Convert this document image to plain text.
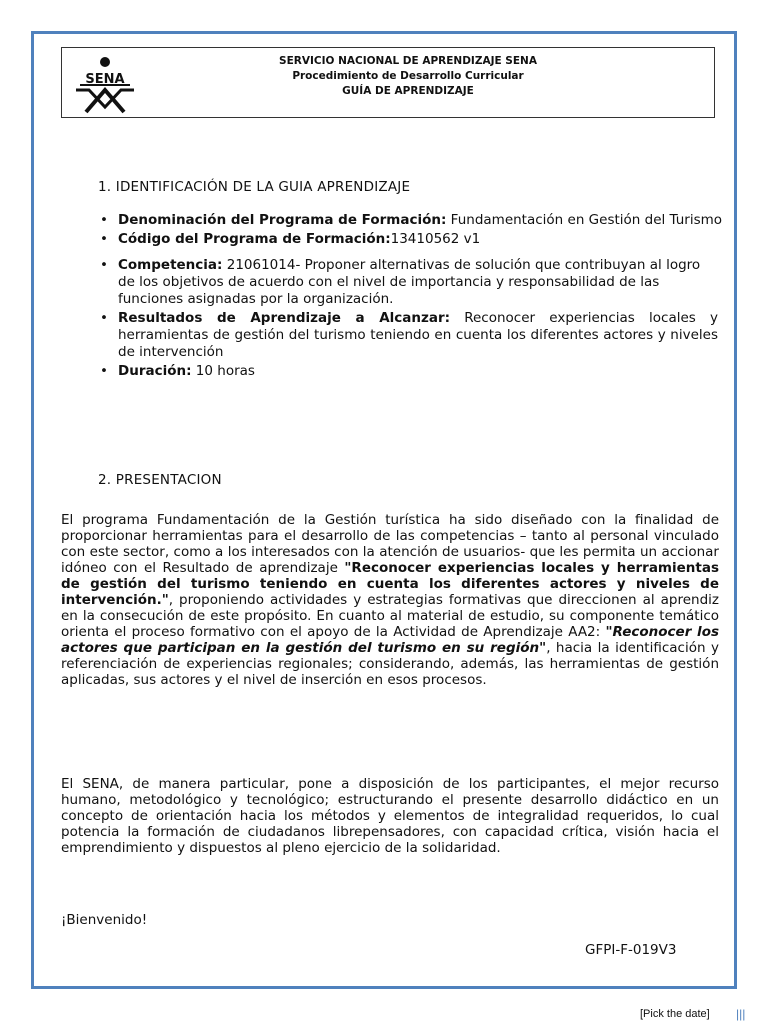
SENA
SERVICIO NACIONAL DE APRENDIZAJE SENA
Procedimiento de Desarrollo Curricular
GUÍA DE APRENDIZAJE
1. IDENTIFICACIÓN DE LA GUIA APRENDIZAJE
• Denominación del Programa de Formación: Fundamentación en Gestión del Turismo
• Código del Programa de Formación:13410562 v1
• Competencia: 21061014- Proponer alternativas de solución que contribuyan al logro de los objetivos de acuerdo con el nivel de importancia y responsabilidad de las funciones asignadas por la organización.
• Resultados de Aprendizaje a Alcanzar: Reconocer experiencias locales y herramientas de gestión del turismo teniendo en cuenta los diferentes actores y niveles de intervención
• Duración: 10 horas
2. PRESENTACION
El programa Fundamentación de la Gestión turística ha sido diseñado con la finalidad de proporcionar herramientas para el desarrollo de las competencias – tanto al personal vinculado con este sector, como a los interesados con la atención de usuarios- que les permita un accionar idóneo con el Resultado de aprendizaje "Reconocer experiencias locales y herramientas de gestión del turismo teniendo en cuenta los diferentes actores y niveles de intervención.", proponiendo actividades y estrategias formativas que direccionen al aprendiz en la consecución de este propósito. En cuanto al material de estudio, su componente temático orienta el proceso formativo con el apoyo de la Actividad de Aprendizaje AA2: "Reconocer los actores que participan en la gestión del turismo en su región", hacia la identificación y referenciación de experiencias regionales; considerando, además, las herramientas de gestión aplicadas, sus actores y el nivel de inserción en esos procesos.
El SENA, de manera particular, pone a disposición de los participantes, el mejor recurso humano, metodológico y tecnológico; estructurando el presente desarrollo didáctico en un concepto de orientación hacia los métodos y elementos de integralidad requeridos, lo cual potencia la formación de ciudadanos librepensadores, con capacidad crítica, visión hacia el emprendimiento y dispuestos al pleno ejercicio de la solidaridad.
¡Bienvenido!
GFPI-F-019V3
[Pick the date] |||
